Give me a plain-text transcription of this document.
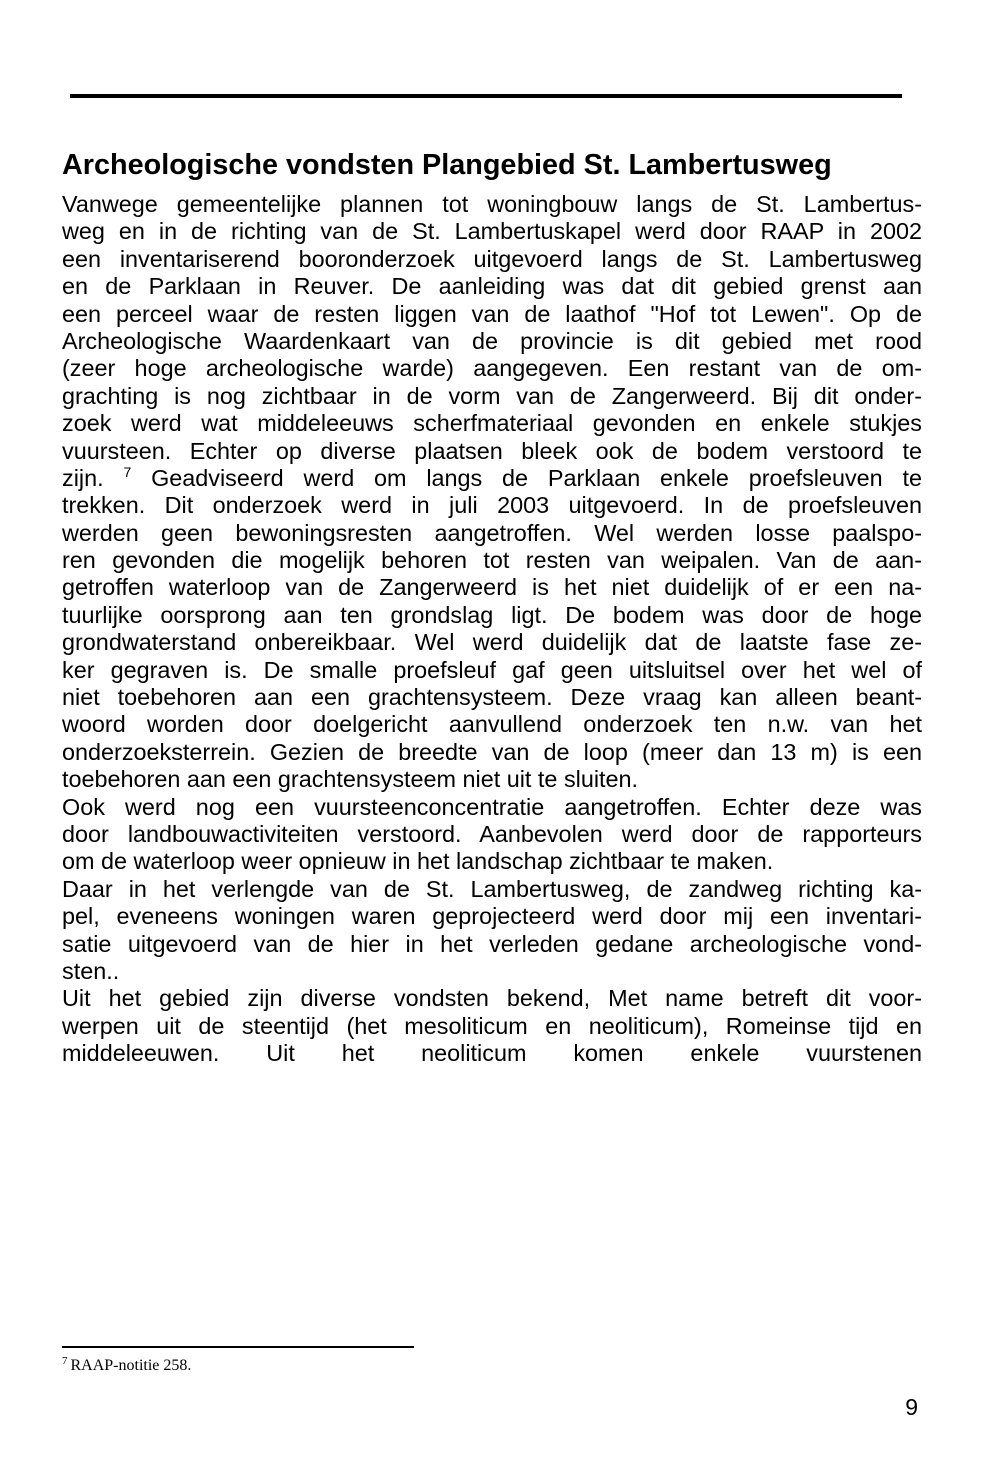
Archeologische vondsten Plangebied St. Lambertusweg
Vanwege gemeentelijke plannen tot woningbouw langs de St. Lambertus-
weg en in de richting van de St. Lambertuskapel werd door RAAP in 2002
een inventariserend booronderzoek uitgevoerd langs de St. Lambertusweg
en de Parklaan in Reuver. De aanleiding was dat dit gebied grenst aan
een perceel waar de resten liggen van de laathof "Hof tot Lewen". Op de
Archeologische Waardenkaart van de provincie is dit gebied met rood
(zeer hoge archeologische warde) aangegeven. Een restant van de om-
grachting is nog zichtbaar in de vorm van de Zangerweerd. Bij dit onder-
zoek werd wat middeleeuws scherfmateriaal gevonden en enkele stukjes
vuursteen. Echter op diverse plaatsen bleek ook de bodem verstoord te
zijn. $^7$ Geadviseerd werd om langs de Parklaan enkele proefsleuven te
trekken. Dit onderzoek werd in juli 2003 uitgevoerd. In de proefsleuven
werden geen bewoningsresten aangetroffen. Wel werden losse paalspo-
ren gevonden die mogelijk behoren tot resten van weipalen. Van de aan-
getroffen waterloop van de Zangerweerd is het niet duidelijk of er een na-
tuurlijke oorsprong aan ten grondslag ligt. De bodem was door de hoge
grondwaterstand onbereikbaar. Wel werd duidelijk dat de laatste fase ze-
ker gegraven is. De smalle proefsleuf gaf geen uitsluitsel over het wel of
niet toebehoren aan een grachtensysteem. Deze vraag kan alleen beant-
woord worden door doelgericht aanvullend onderzoek ten n.w. van het
onderzoeksterrein. Gezien de breedte van de loop (meer dan 13 m) is een
toebehoren aan een grachtensysteem niet uit te sluiten.
Ook werd nog een vuursteenconcentratie aangetroffen. Echter deze was
door landbouwactiviteiten verstoord. Aanbevolen werd door de rapporteurs
om de waterloop weer opnieuw in het landschap zichtbaar te maken.
Daar in het verlengde van de St. Lambertusweg, de zandweg richting ka-
pel, eveneens woningen waren geprojecteerd werd door mij een inventari-
satie uitgevoerd van de hier in het verleden gedane archeologische vond-
sten..
Uit het gebied zijn diverse vondsten bekend, Met name betreft dit voor-
werpen uit de steentijd (het mesoliticum en neoliticum), Romeinse tijd en
middeleeuwen. Uit het neoliticum komen enkele vuurstenen
$^7$ RAAP-notitie 258.
9
